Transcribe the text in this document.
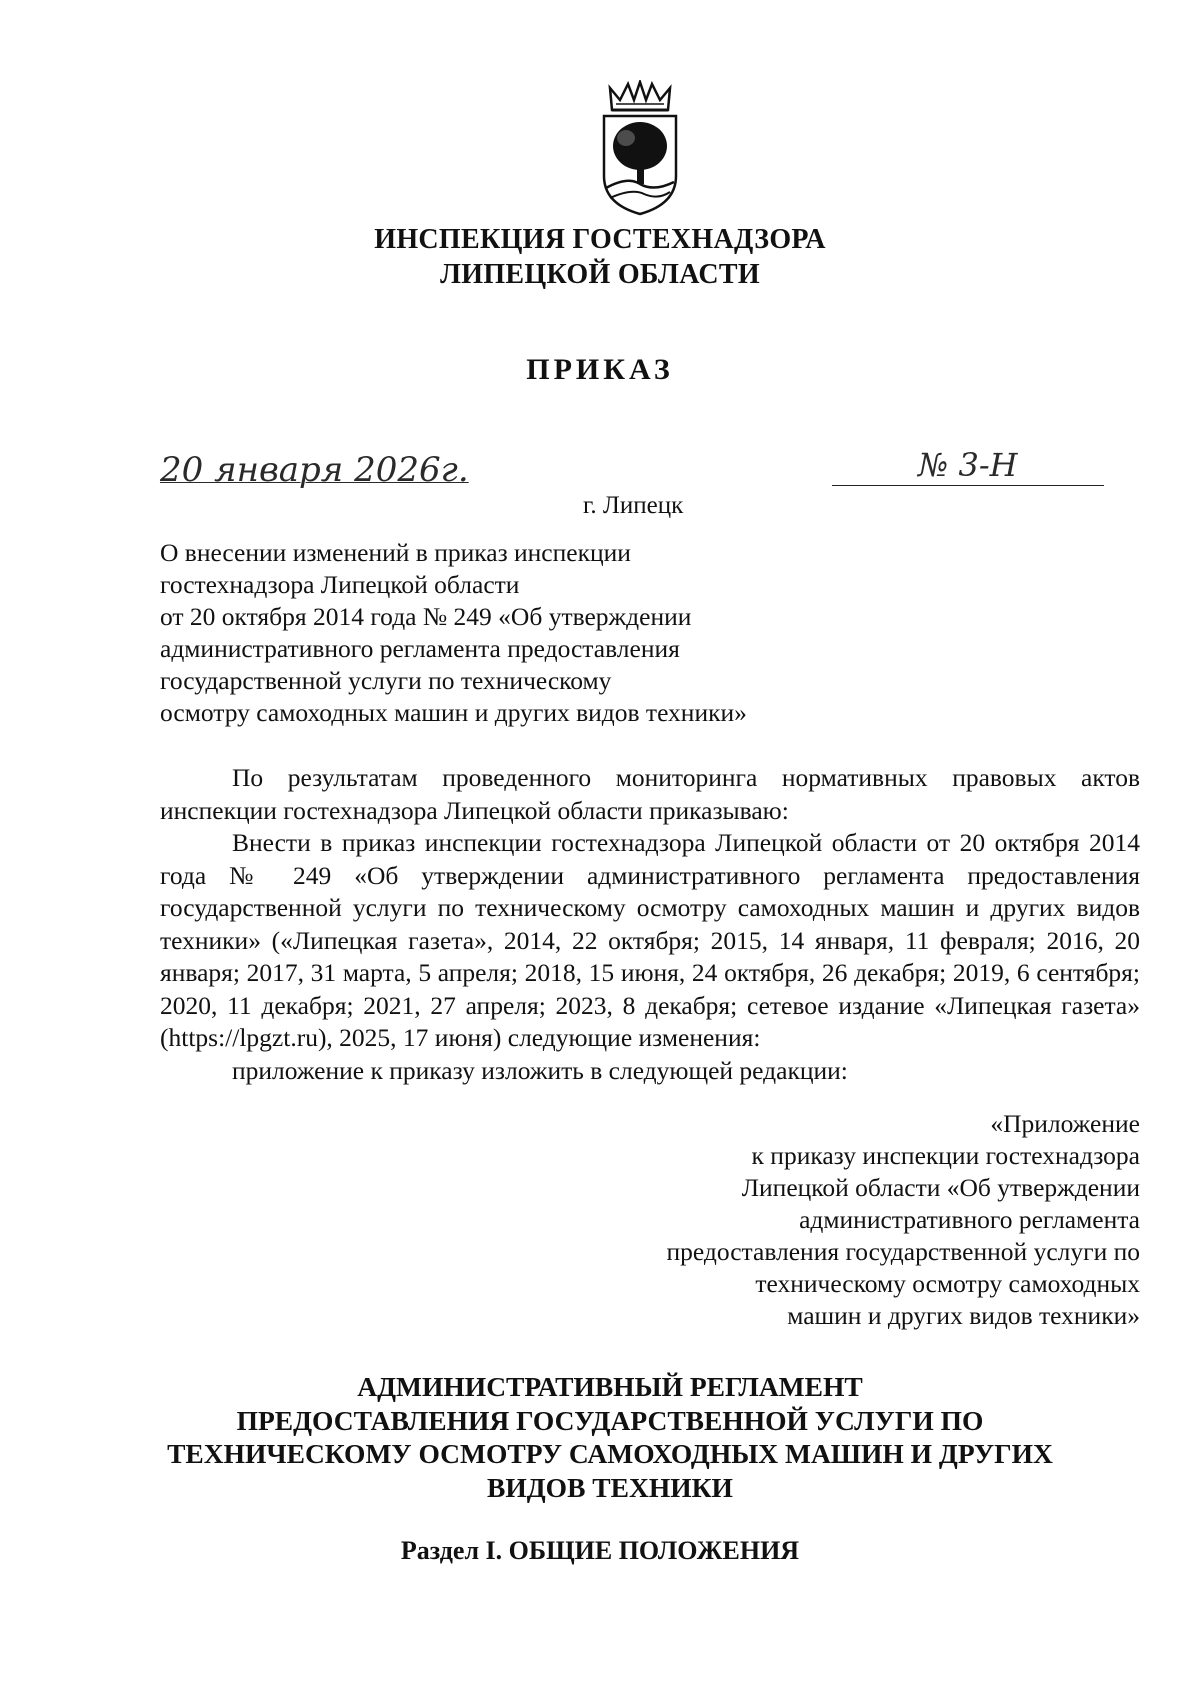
ИНСПЕКЦИЯ ГОСТЕХНАДЗОРА
ЛИПЕЦКОЙ ОБЛАСТИ
ПРИКАЗ
20 января 2026г.	№ 3-Н
г. Липецк
О внесении изменений в приказ инспекции
гостехнадзора Липецкой области
от 20 октября 2014 года № 249 «Об утверждении
административного регламента предоставления
государственной услуги по техническому
осмотру самоходных машин и других видов техники»

По результатам проведенного мониторинга нормативных правовых актов инспекции гостехнадзора Липецкой области приказываю:

Внести в приказ инспекции гостехнадзора Липецкой области от 20 октября 2014 года № 249 «Об утверждении административного регламента предоставления государственной услуги по техническому осмотру самоходных машин и других видов техники» («Липецкая газета», 2014, 22 октября; 2015, 14 января, 11 февраля; 2016, 20 января; 2017, 31 марта, 5 апреля; 2018, 15 июня, 24 октября, 26 декабря; 2019, 6 сентября; 2020, 11 декабря; 2021, 27 апреля; 2023, 8 декабря; сетевое издание «Липецкая газета» (https://lpgzt.ru), 2025, 17 июня) следующие изменения:

приложение к приказу изложить в следующей редакции:

«Приложение
к приказу инспекции гостехнадзора
Липецкой области «Об утверждении
административного регламента
предоставления государственной услуги по
техническому осмотру самоходных
машин и других видов техники»
АДМИНИСТРАТИВНЫЙ РЕГЛАМЕНТ
ПРЕДОСТАВЛЕНИЯ ГОСУДАРСТВЕННОЙ УСЛУГИ ПО
ТЕХНИЧЕСКОМУ ОСМОТРУ САМОХОДНЫХ МАШИН И ДРУГИХ
ВИДОВ ТЕХНИКИ
Раздел I. ОБЩИЕ ПОЛОЖЕНИЯ
